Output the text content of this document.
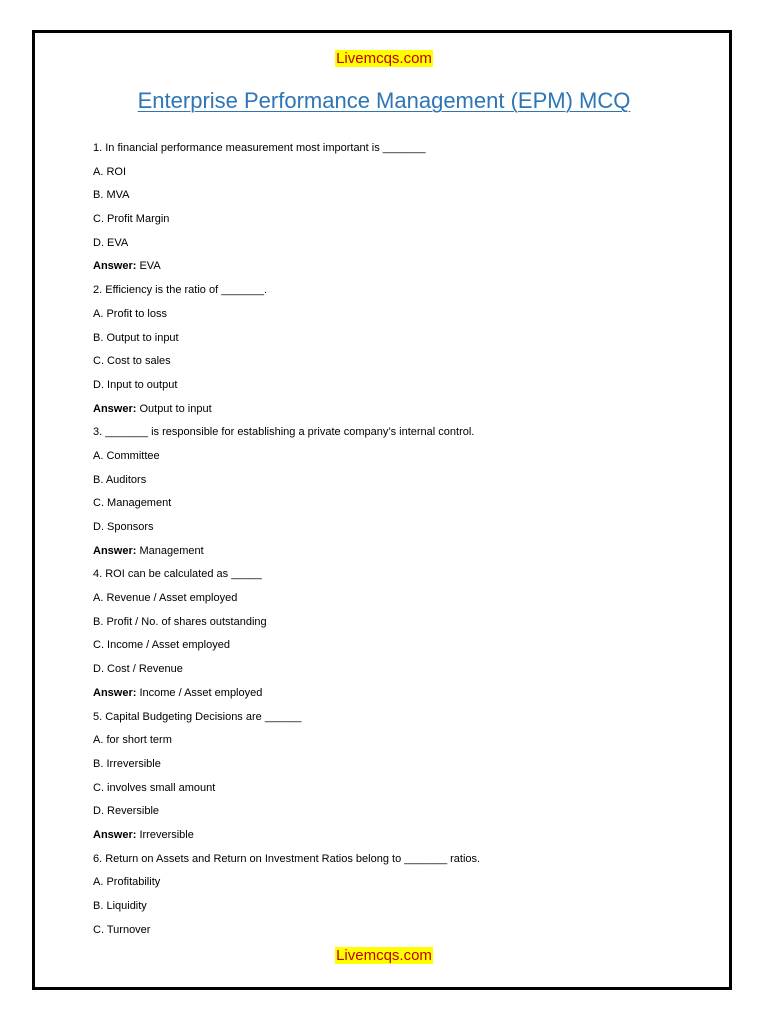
Livemcqs.com
Enterprise Performance Management (EPM) MCQ
1. In financial performance measurement most important is _______
A. ROI
B. MVA
C. Profit Margin
D. EVA
Answer: EVA
2. Efficiency is the ratio of _______.
A. Profit to loss
B. Output to input
C. Cost to sales
D. Input to output
Answer: Output to input
3. _______ is responsible for establishing a private company’s internal control.
A. Committee
B. Auditors
C. Management
D. Sponsors
Answer: Management
4. ROI can be calculated as _____
A. Revenue / Asset employed
B. Profit / No. of shares outstanding
C. Income / Asset employed
D. Cost / Revenue
Answer: Income / Asset employed
5. Capital Budgeting Decisions are ______
A. for short term
B. Irreversible
C. involves small amount
D. Reversible
Answer: Irreversible
6. Return on Assets and Return on Investment Ratios belong to _______ ratios.
A. Profitability
B. Liquidity
C. Turnover
Livemcqs.com
